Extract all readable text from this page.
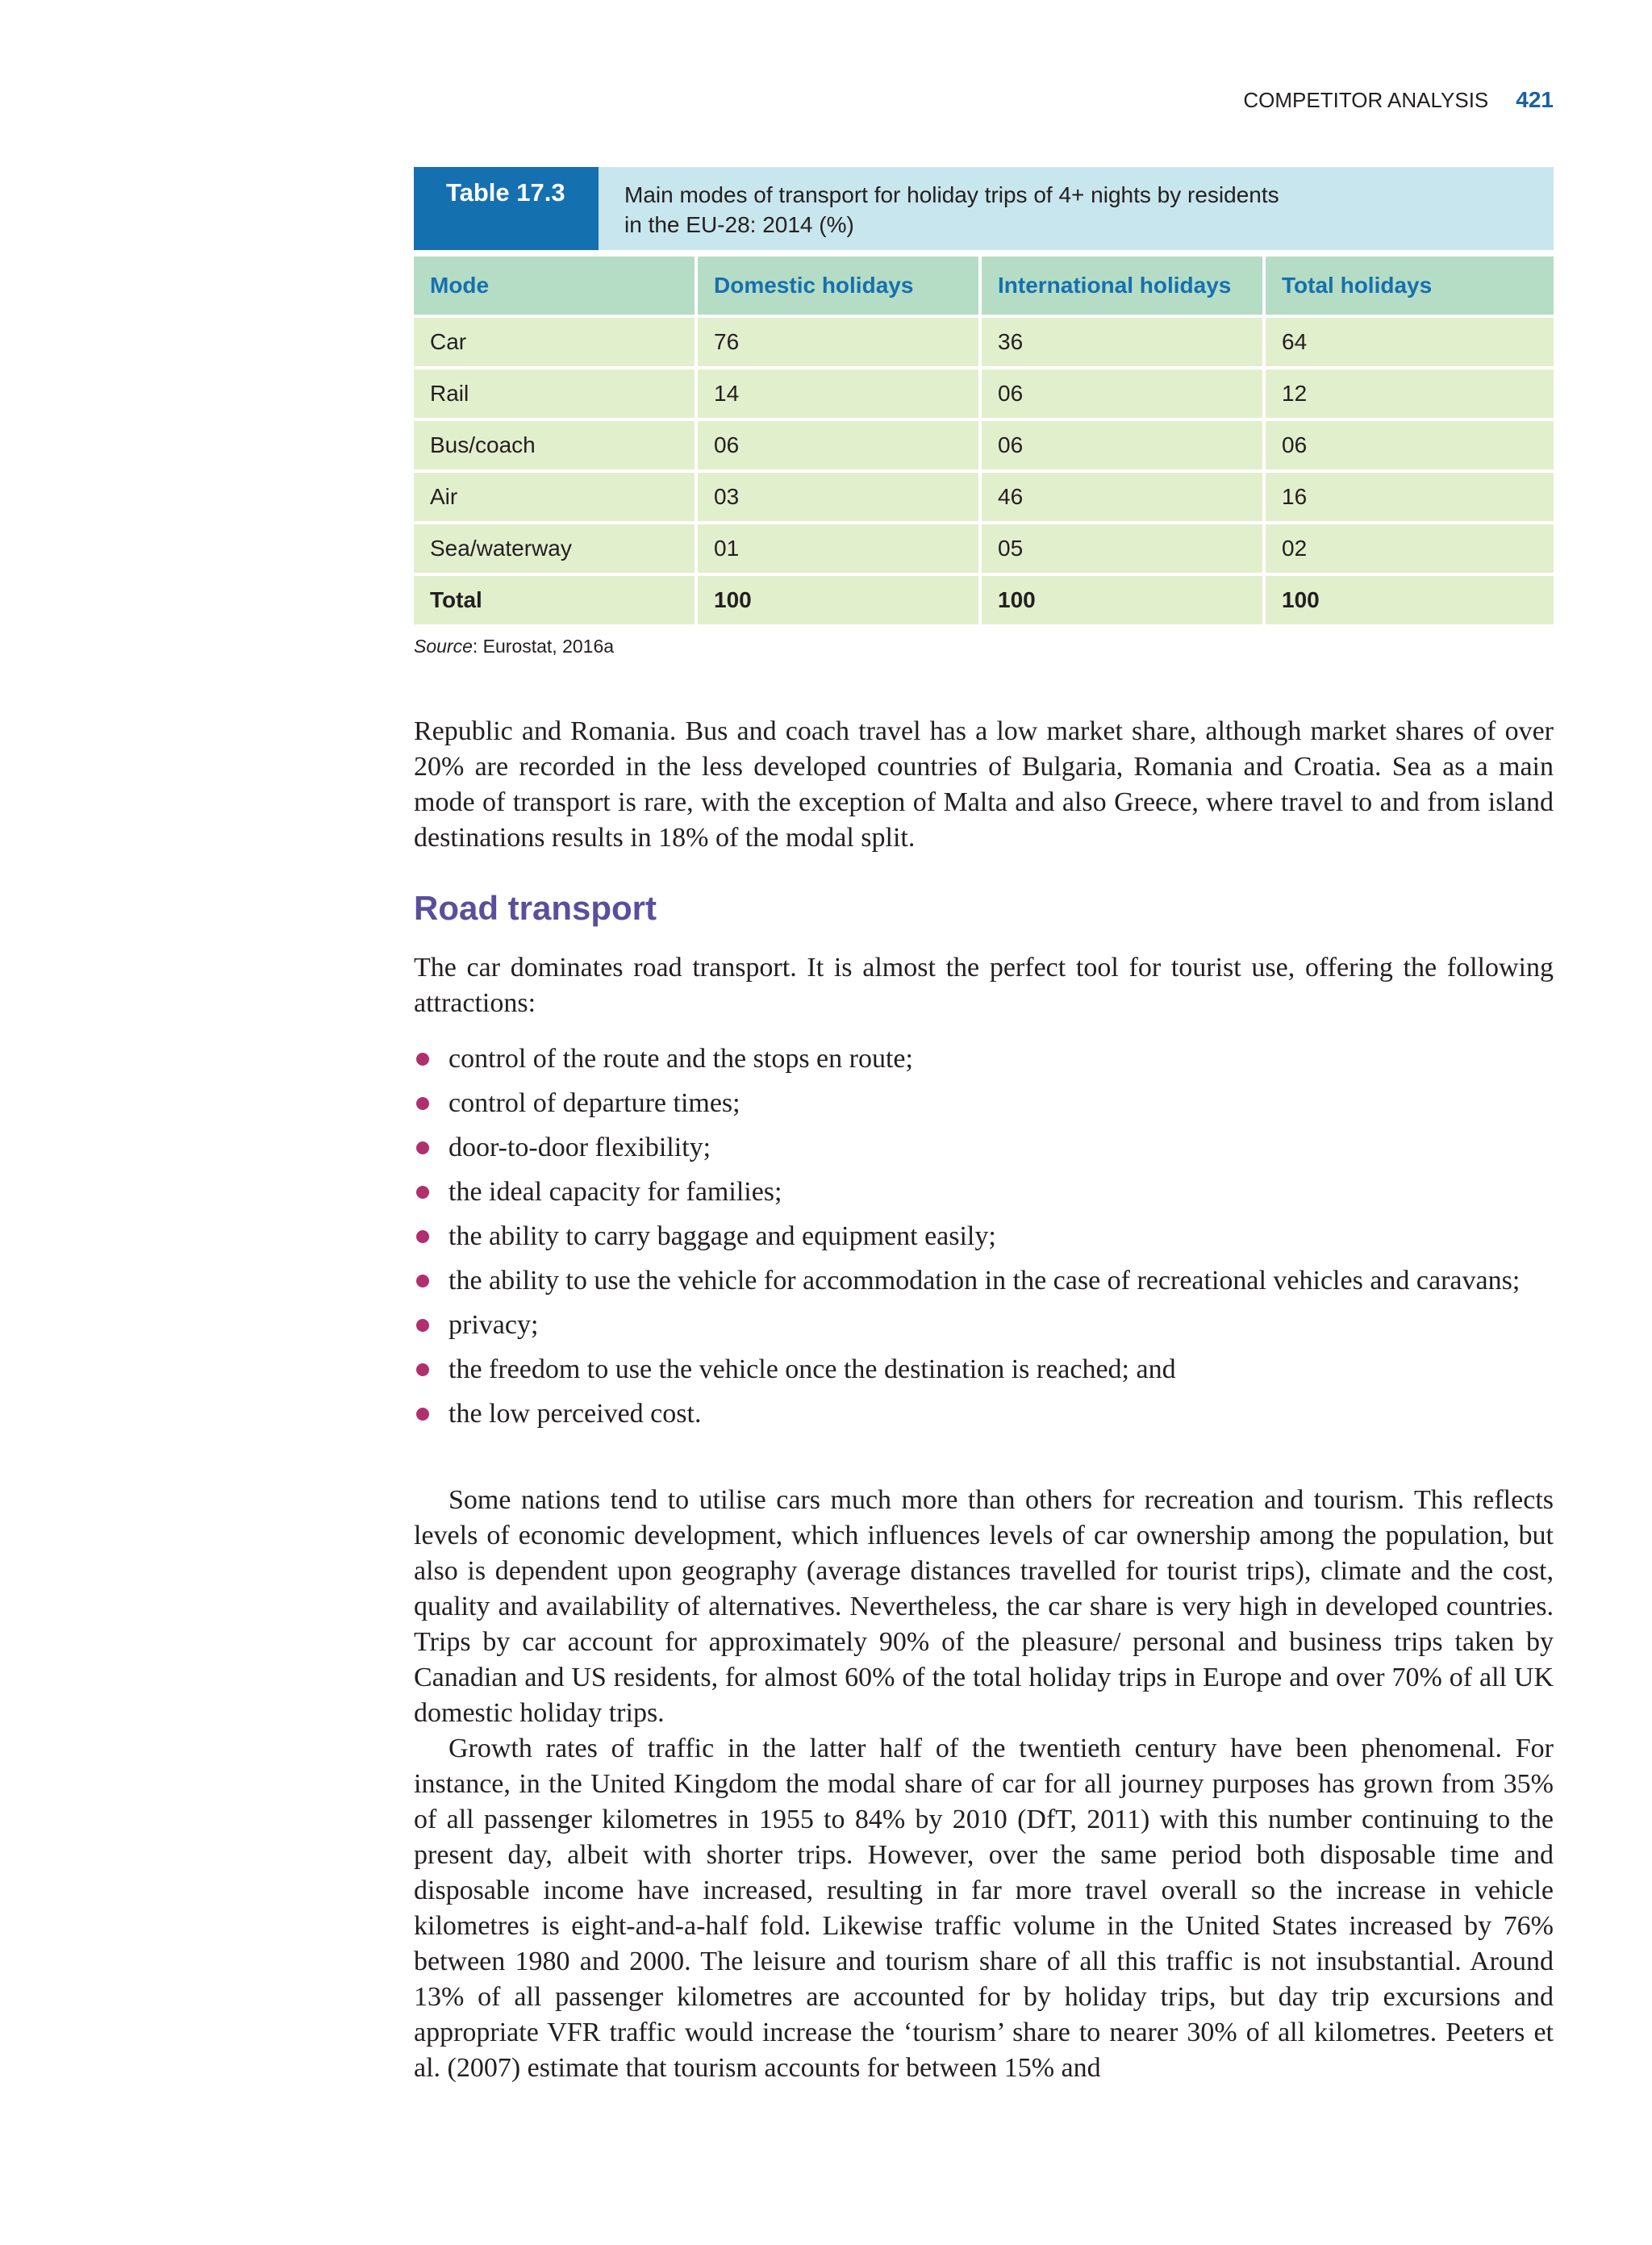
COMPETITOR ANALYSIS 421
Table 17.3	Main modes of transport for holiday trips of 4+ nights by residents
in the EU-28: 2014 (%)
Mode	Domestic holidays	International holidays	Total holidays
Car	76	36	64
Rail	14	06	12
Bus/coach	06	06	06
Air	03	46	16
Sea/waterway	01	05	02
Total	100	100	100
Source: Eurostat, 2016a

Republic and Romania. Bus and coach travel has a low market share, although market shares of over 20% are recorded in the less developed countries of Bulgaria, Romania and Croatia. Sea as a main mode of transport is rare, with the exception of Malta and also Greece, where travel to and from island destinations results in 18% of the modal split.

Road transport

The car dominates road transport. It is almost the perfect tool for tourist use, offering the following attractions:

control of the route and the stops en route;
control of departure times;
door-to-door flexibility;
the ideal capacity for families;
the ability to carry baggage and equipment easily;
the ability to use the vehicle for accommodation in the case of recreational vehicles and caravans;
privacy;
the freedom to use the vehicle once the destination is reached; and
the low perceived cost.

Some nations tend to utilise cars much more than others for recreation and tourism. This reflects levels of economic development, which influences levels of car ownership among the population, but also is dependent upon geography (average distances travelled for tourist trips), climate and the cost, quality and availability of alternatives. Nevertheless, the car share is very high in developed countries. Trips by car account for approximately 90% of the pleasure/ personal and business trips taken by Canadian and US residents, for almost 60% of the total holiday trips in Europe and over 70% of all UK domestic holiday trips.

Growth rates of traffic in the latter half of the twentieth century have been phenomenal. For instance, in the United Kingdom the modal share of car for all journey purposes has grown from 35% of all passenger kilometres in 1955 to 84% by 2010 (DfT, 2011) with this number continuing to the present day, albeit with shorter trips. However, over the same period both disposable time and disposable income have increased, resulting in far more travel overall so the increase in vehicle kilometres is eight-and-a-half fold. Likewise traffic volume in the United States increased by 76% between 1980 and 2000. The leisure and tourism share of all this traffic is not insubstantial. Around 13% of all passenger kilometres are accounted for by holiday trips, but day trip excursions and appropriate VFR traffic would increase the ‘tourism’ share to nearer 30% of all kilometres. Peeters et al. (2007) estimate that tourism accounts for between 15% and
